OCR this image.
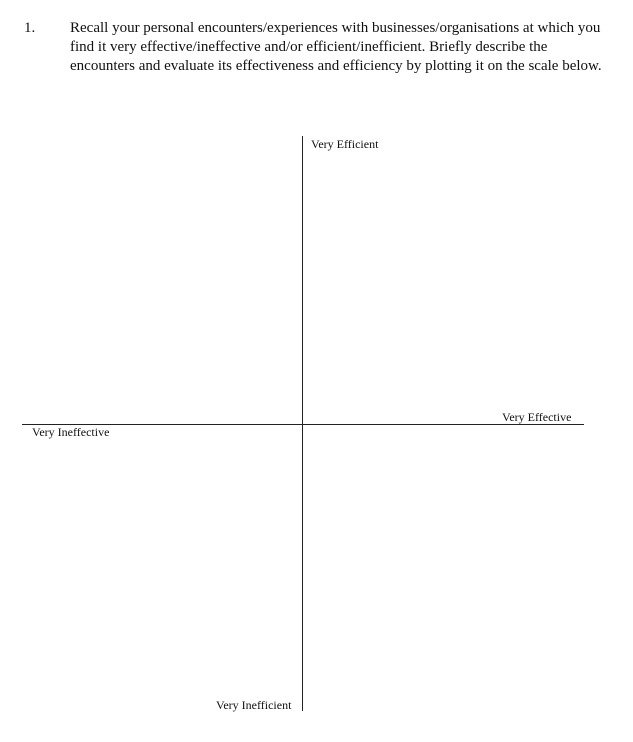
1. Recall your personal encounters/experiences with businesses/organisations at which you
find it very effective/ineffective and/or efficient/inefficient. Briefly describe the
encounters and evaluate its effectiveness and efficiency by plotting it on the scale below.
Very Efficient
Very Effective
Very Ineffective
Very Inefficient
